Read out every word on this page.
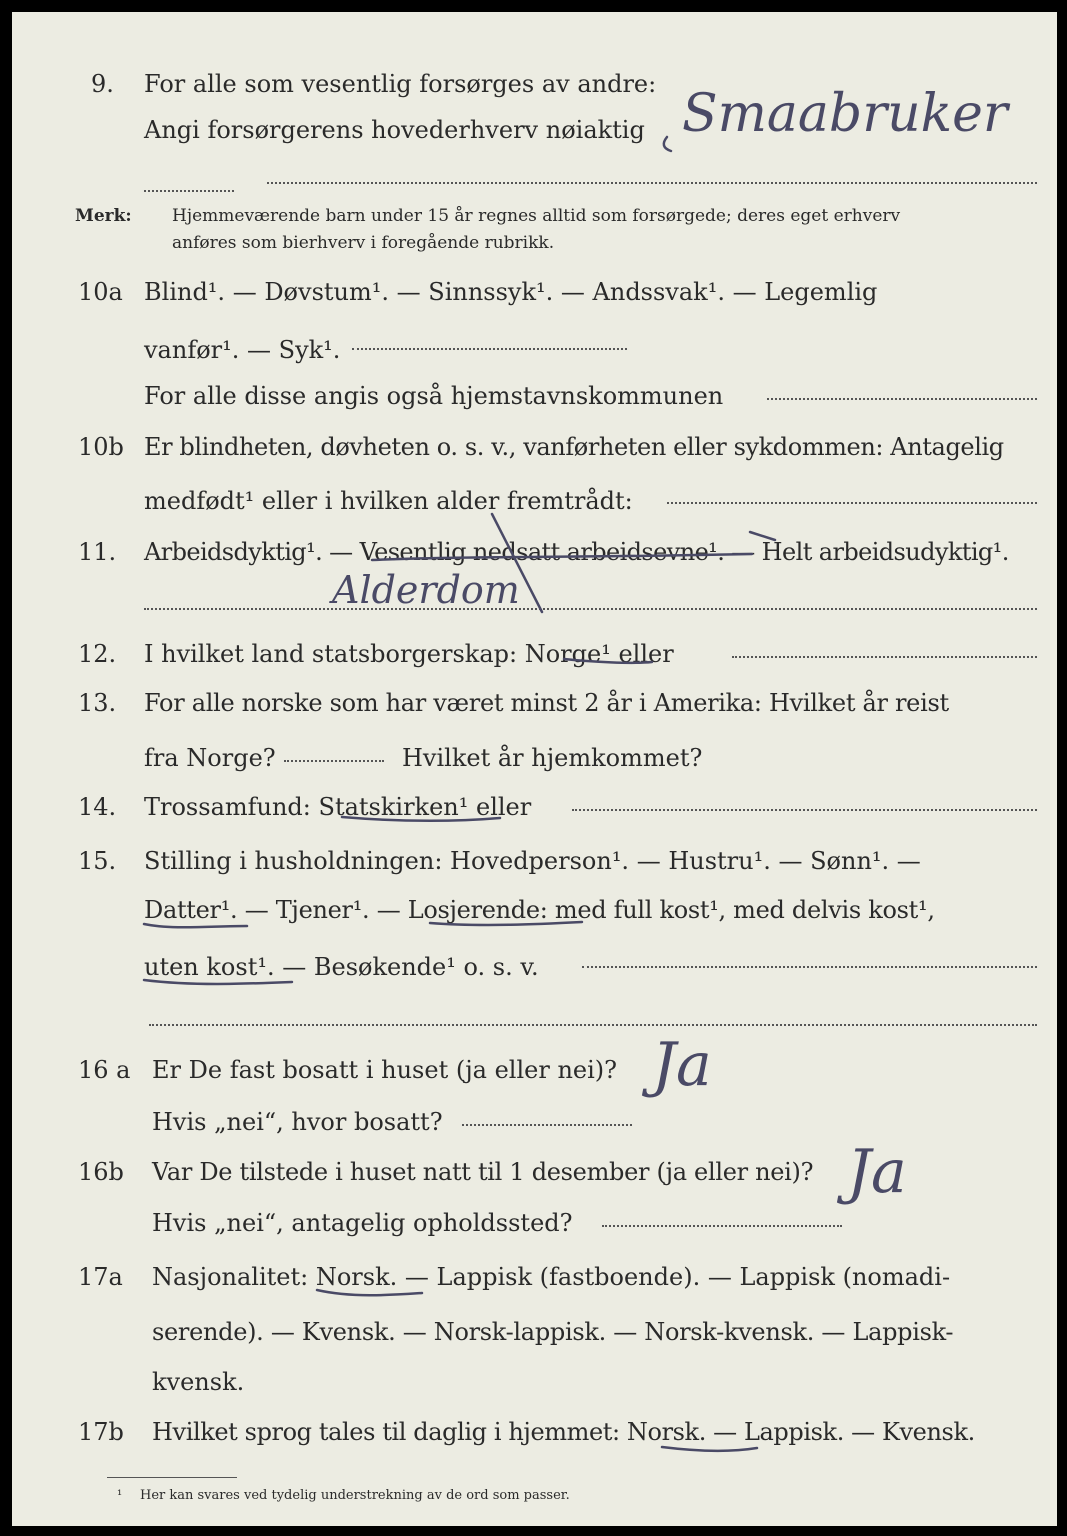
9. For alle som vesentlig forsørges av andre:
Angi forsørgerens hovederhverv nøiaktig Smaabruker
Merk: Hjemmeværende barn under 15 år regnes alltid som forsørgede; deres eget erhverv
anføres som bierhverv i foregående rubrikk.
10a Blind¹. — Døvstum¹. — Sinnssyk¹. — Andssvak¹. — Legemlig
vanfør¹. — Syk¹.
For alle disse angis også hjemstavnskommunen
10b Er blindheten, døvheten o. s. v., vanførheten eller sykdommen: Antagelig
medfødt¹ eller i hvilken alder fremtrådt:
11. Arbeidsdyktig¹. — Vesentlig nedsatt arbeidsevne¹. — Helt arbeidsudyktig¹.
Alderdom
12. I hvilket land statsborgerskap: Norge¹ eller
13. For alle norske som har været minst 2 år i Amerika: Hvilket år reist
fra Norge?	Hvilket år hjemkommet?
14. Trossamfund: Statskirken¹ eller
15. Stilling i husholdningen: Hovedperson¹. — Hustru¹. — Sønn¹. —
Datter¹. — Tjener¹. — Losjerende: med full kost¹, med delvis kost¹,
uten kost¹. — Besøkende¹ o. s. v.
16 a Er De fast bosatt i huset (ja eller nei)? Ja
Hvis „nei“, hvor bosatt?
16b Var De tilstede i huset natt til 1 desember (ja eller nei)? Ja
Hvis „nei“, antagelig opholdssted?
17a Nasjonalitet: Norsk. — Lappisk (fastboende). — Lappisk (nomadi-
serende). — Kvensk. — Norsk-lappisk. — Norsk-kvensk. — Lappisk-
kvensk.
17b Hvilket sprog tales til daglig i hjemmet: Norsk. — Lappisk. — Kvensk.
¹ Her kan svares ved tydelig understrekning av de ord som passer.
